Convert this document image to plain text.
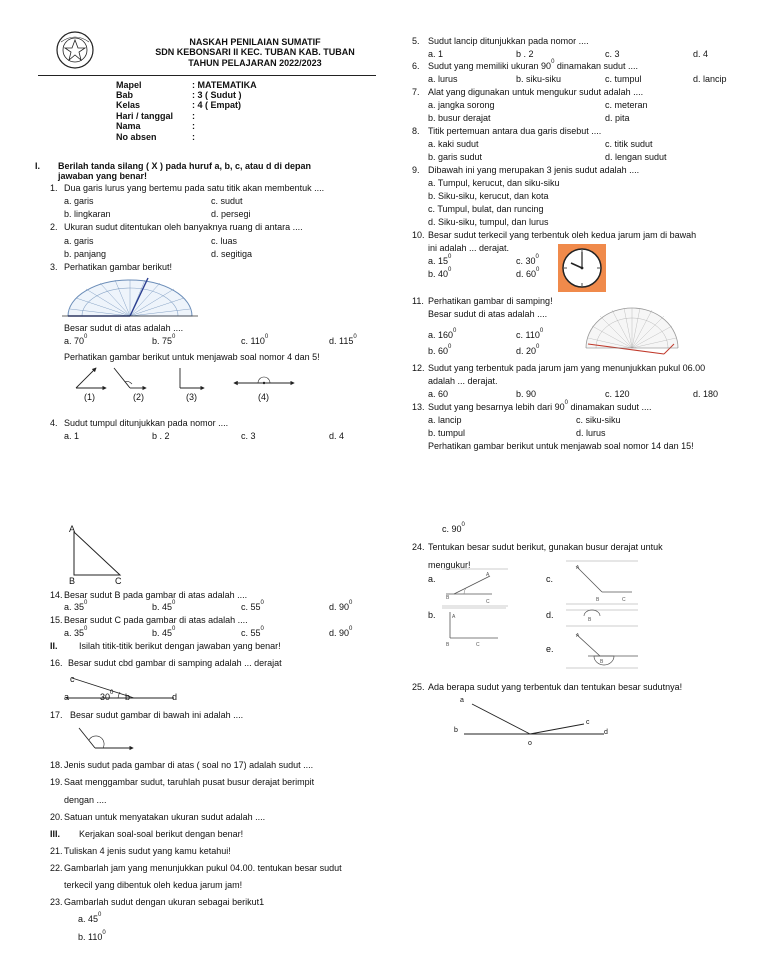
NASKAH PENILAIAN SUMATIF
SDN KEBONSARI II KEC. TUBAN KAB. TUBAN
TAHUN PELAJARAN 2022/2023
Mapel	: MATEMATIKA
Bab	: 3 ( Sudut )
Kelas	: 4 ( Empat)
Hari / tanggal :
Nama	:
No absen	:
I. Berilah tanda silang ( X ) pada huruf a, b, c, atau d di depan
jawaban yang benar!
1. Dua garis lurus yang bertemu pada satu titik akan membentuk ....
a. garis	c. sudut
b. lingkaran	d. persegi
2. Ukuran sudut ditentukan oleh banyaknya ruang di antara ....
a. garis	c. luas
b. panjang	d. segitiga
3. Perhatikan gambar berikut!
Besar sudut di atas adalah ....
a. $70^0$	b. $75^0$	c. $110^0$	d. $115^0$
Perhatikan gambar berikut untuk menjawab soal nomor 4 dan 5!
(1)	(2)	(3)	(4)
4. Sudut tumpul ditunjukkan pada nomor ....
a. 1	b . 2	c. 3	d. 4
5. Sudut lancip ditunjukkan pada nomor ....
a. 1	b . 2	c. 3	d. 4
6. Sudut yang memiliki ukuran $90^0$ dinamakan sudut ....
a. lurus	b. siku-siku	c. tumpul	d. lancip
7. Alat yang digunakan untuk mengukur sudut adalah ....
a. jangka sorong	c. meteran
b. busur derajat	d. pita
8. Titik pertemuan antara dua garis disebut ....
a. kaki sudut	c. titik sudut
b. garis sudut	d. lengan sudut
9. Dibawah ini yang merupakan 3 jenis sudut adalah ....
a. Tumpul, kerucut, dan siku-siku
b. Siku-siku, kerucut, dan kota
c. Tumpul, bulat, dan runcing
d. Siku-siku, tumpul, dan lurus
10. Besar sudut terkecil yang terbentuk oleh kedua jarum jam di bawah
ini adalah ... derajat.
a. $15^0$	c. $30^0$
b. $40^0$	d. $60^0$
11. Perhatikan gambar di samping!
Besar sudut di atas adalah ....
a. $160^0$	c. $110^0$
b. $60^0$	d. $20^0$
12. Sudut yang terbentuk pada jarum jam yang menunjukkan pukul 06.00
adalah ... derajat.
a. 60	b. 90	c. 120	d. 180
13. Sudut yang besarnya lebih dari $90^0$ dinamakan sudut ....
a. lancip	c. siku-siku
b. tumpul	d. lurus
Perhatikan gambar berikut untuk menjawab soal nomor 14 dan 15!
A
B	C
14. Besar sudut B pada gambar di atas adalah ....
a. $35^0$	b. $45^0$	c. $55^0$	d. $90^0$
15. Besar sudut C pada gambar di atas adalah ....
a. $35^0$	b. $45^0$	c. $55^0$	d. $90^0$
II. Isilah titik-titik berikut dengan jawaban yang benar!
16. Besar sudut cbd gambar di samping adalah ... derajat
c
a	$30^0$ b	d
17. Besar sudut gambar di bawah ini adalah ....
18. Jenis sudut pada gambar di atas ( soal no 17) adalah sudut ....
19. Saat menggambar sudut, taruhlah pusat busur derajat berimpit
dengan ....
20. Satuan untuk menyatakan ukuran sudut adalah ....
III. Kerjakan soal-soal berikut dengan benar!
21. Tuliskan 4 jenis sudut yang kamu ketahui!
22. Gambarlah jam yang menunjukkan pukul 04.00. tentukan besar sudut
terkecil yang dibentuk oleh kedua jarum jam!
23. Gambarlah sudut dengan ukuran sebagai berikut1
a. $45^0$
b. $110^0$
c. $90^0$
24. Tentukan besar sudut berikut, gunakan busur derajat untuk
mengukur!
a.	A
B
C
c.
A
B	C
b.	A
B	C
d.	B
e.
A
B
25. Ada berapa sudut yang terbentuk dan tentukan besar sudutnya!
a
b
c
d
o
